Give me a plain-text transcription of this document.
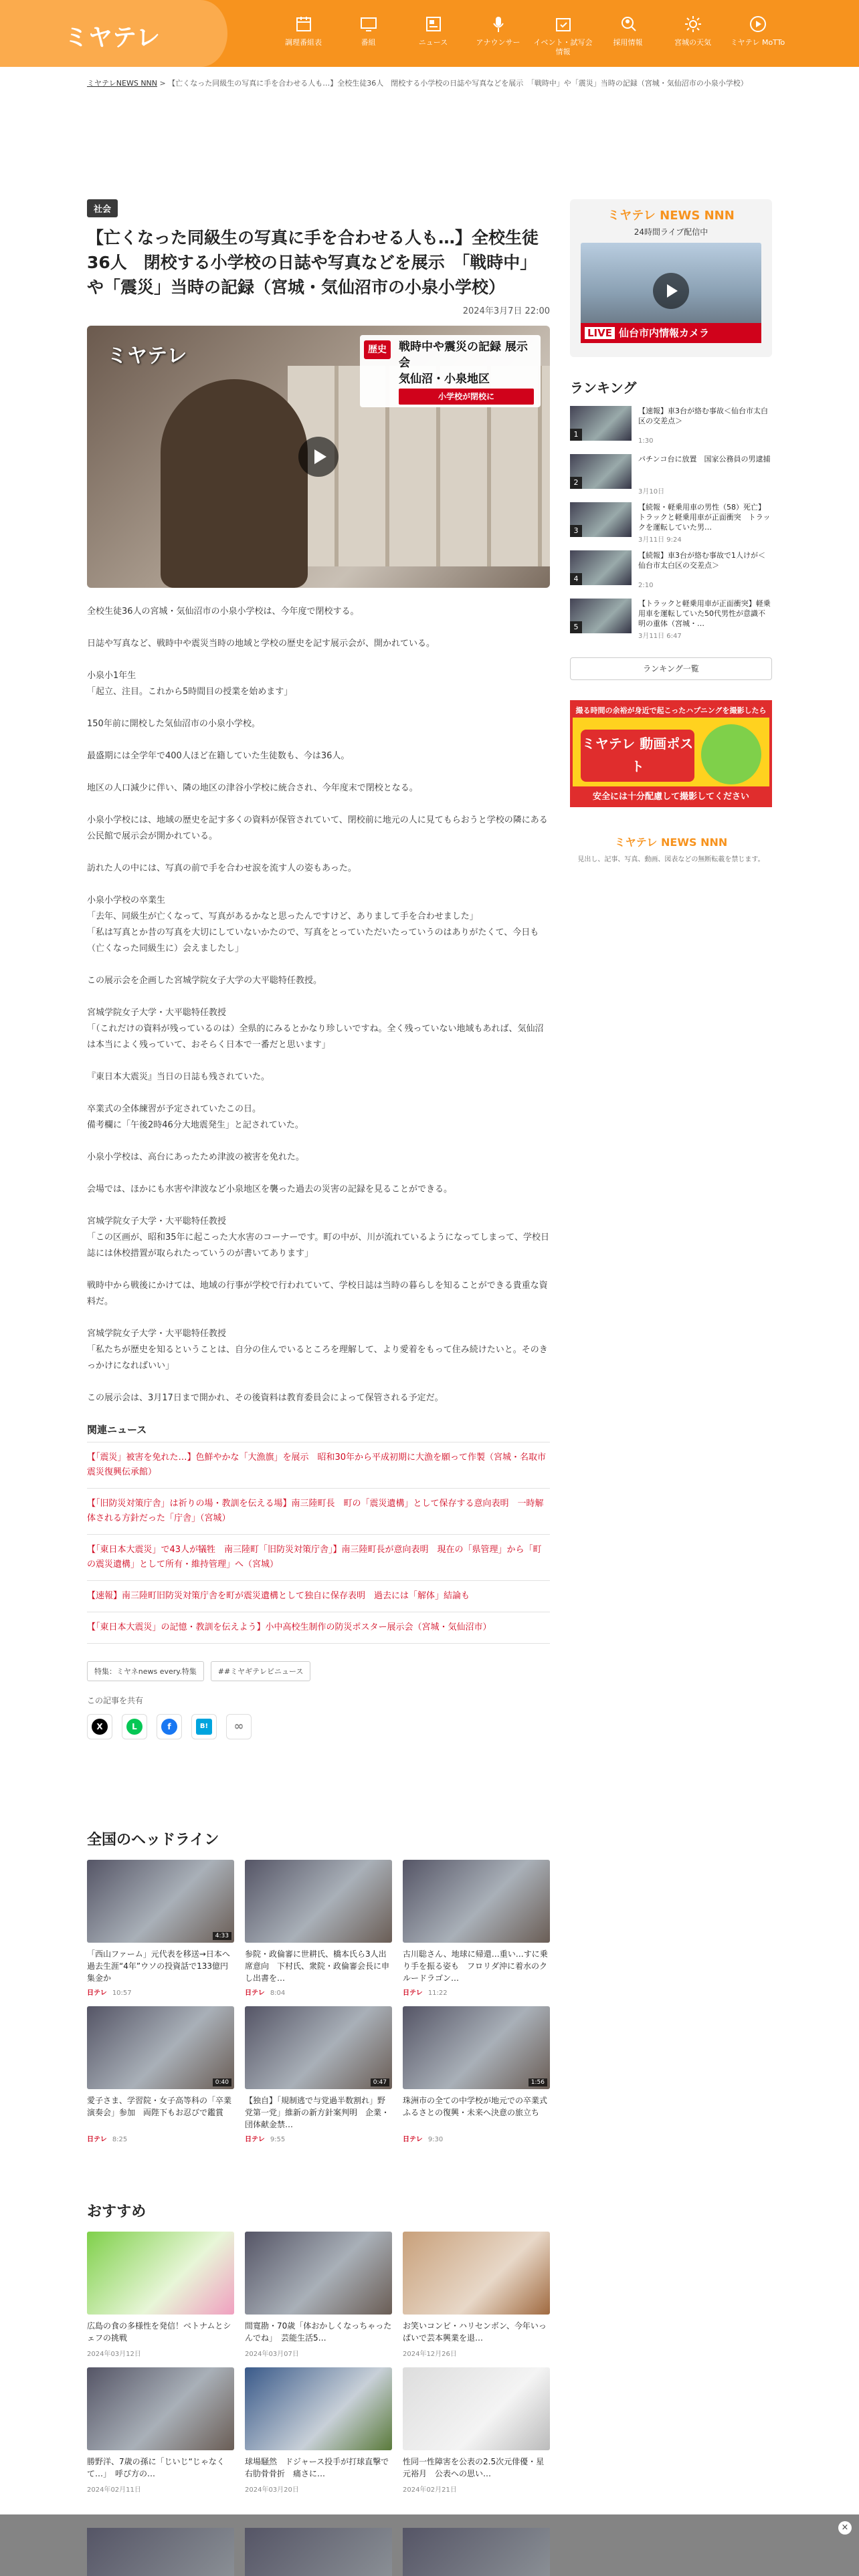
ミヤテレ	調理番組表	番組	ニュース	アナウンサー	イベント・試写会情報
採用情報	宮城の天気	ミヤテレ MoTTo
ミヤテレNEWS NNN > 【亡くなった同級生の写真に手を合わせる人も…】全校生徒36人　閉校する小学校の日誌や写真などを展示　「戦時中」や「震災」当時の記録（宮城・気仙沼市の小泉小学校）
社会
【亡くなった同級生の写真に手を合わせる人も…】全校生徒36人　閉校する小学校の日誌や写真などを展示　「戦時中」や「震災」当時の記録（宮城・気仙沼市の小泉小学校）
2024年3月7日 22:00
ミヤテレ	歴史	戦時中や震災の記録 展示会
気仙沼・小泉地区
小学校が閉校に

全校生徒36人の宮城・気仙沼市の小泉小学校は、今年度で閉校する。

日誌や写真など、戦時中や震災当時の地域と学校の歴史を記す展示会が、開かれている。

小泉小1年生
「起立、注目。これから5時間目の授業を始めます」

150年前に開校した気仙沼市の小泉小学校。

最盛期には全学年で400人ほど在籍していた生徒数も、今は36人。

地区の人口減少に伴い、隣の地区の津谷小学校に統合され、今年度末で閉校となる。

小泉小学校には、地域の歴史を記す多くの資料が保管されていて、閉校前に地元の人に見てもらおうと学校の隣にある公民館で展示会が開かれている。

訪れた人の中には、写真の前で手を合わせ涙を流す人の姿もあった。

小泉小学校の卒業生
「去年、同級生が亡くなって、写真があるかなと思ったんですけど、ありまして手を合わせました」
「私は写真とか昔の写真を大切にしていないかたので、写真をとっていただいたっていうのはありがたくて、今日も（亡くなった同級生に）会えましたし」

この展示会を企画した宮城学院女子大学の大平聡特任教授。

宮城学院女子大学・大平聡特任教授
「（これだけの資料が残っているのは）全県的にみるとかなり珍しいですね。全く残っていない地域もあれば、気仙沼は本当によく残っていて、おそらく日本で一番だと思います」

『東日本大震災』当日の日誌も残されていた。

卒業式の全体練習が予定されていたこの日。
備考欄に「午後2時46分大地震発生」と記されていた。

小泉小学校は、高台にあったため津波の被害を免れた。

会場では、ほかにも水害や津波など小泉地区を襲った過去の災害の記録を見ることができる。

宮城学院女子大学・大平聡特任教授
「この区画が、昭和35年に起こった大水害のコーナーです。町の中が、川が流れているようになってしまって、学校日誌には休校措置が取られたっていうのが書いてあります」

戦時中から戦後にかけては、地域の行事が学校で行われていて、学校日誌は当時の暮らしを知ることができる貴重な資料だ。

宮城学院女子大学・大平聡特任教授
「私たちが歴史を知るということは、自分の住んでいるところを理解して、より愛着をもって住み続けたいと。そのきっかけになればいい」

この展示会は、3月17日まで開かれ、その後資料は教育委員会によって保管される予定だ。

関連ニュース
【「震災」被害を免れた…】色鮮やかな「大漁旗」を展示　昭和30年から平成初期に大漁を願って作製（宮城・名取市震災復興伝承館）
【「旧防災対策庁舎」は祈りの場・教訓を伝える場】南三陸町長　町の「震災遺構」として保存する意向表明　一時解体される方針だった「庁舎」（宮城）
【「東日本大震災」で43人が犠牲　南三陸町「旧防災対策庁舎」】南三陸町長が意向表明　現在の「県管理」から「町の震災遺構」として所有・維持管理」へ（宮城）
【速報】南三陸町旧防災対策庁舎を町が震災遺構として独自に保存表明　過去には「解体」結論も
【「東日本大震災」の記憶・教訓を伝えよう】小中高校生制作の防災ポスター展示会（宮城・気仙沼市）
特集：ミヤネnews every.特集	##ミヤギテレビニュース
この記事を共有
X	L	f	B!	∞
ミヤテレ NEWS NNN
24時間ライブ配信中
LIVE 仙台市内情報カメラ
ランキング
1
【速報】車3台が絡む事故＜仙台市太白区の交差点＞
1:30
2
パチンコ台に放置　国家公務員の男逮捕
3月10日
3
【続報・軽乗用車の男性（58）死亡】トラックと軽乗用車が正面衝突　トラックを運転していた男…
3月11日 9:24
4
【続報】車3台が絡む事故で1人けが＜仙台市太白区の交差点＞
2:10
5
【トラックと軽乗用車が正面衝突】軽乗用車を運転していた50代男性が意識不明の重体（宮城・…
3月11日 6:47
ランキング一覧
撮る時間の余裕が身近で起こったハプニングを撮影したら
ミヤテレ 動画ポスト
安全には十分配慮して撮影してください
ミヤテレ NEWS NNN
見出し、記事、写真、動画、図表などの無断転載を禁じます。
全国のヘッドライン
4:33
「西山ファーム」元代表を移送→日本へ　過去生涯“4年”ウソの投資話で133億円集金か
日テレ 10:57
参院・政倫審に世耕氏、橋本氏ら3人出席意向　下村氏、衆院・政倫審会長に申し出書を…
日テレ 8:04
古川聡さん、地球に帰還…重い…すに乗り手を振る姿も　フロリダ沖に着水のクルードラゴン…
日テレ 11:22
0:40
愛子さま、学習院・女子高等科の「卒業演奏会」参加　両陛下もお忍びで鑑賞
日テレ 8:25
0:47
【独自】「規制逃で与党過半数割れ」野党第一党」維新の新方針案判明　企業・団体献金禁…
日テレ 9:55
1:56
珠洲市の全ての中学校が地元での卒業式　ふるさとの復興・未来へ決意の旅立ち
日テレ 9:30
おすすめ
広島の食の多様性を発信！ベトナムとシェフの挑戦
2024年03月12日
間寛勘・70歳「体おかしくなっちゃったんでね」　芸能生活5…
2024年03月07日
お笑いコンビ・ハリセンボン、今年いっぱいで芸本興業を退…
2024年12月26日
勝野洋、7歳の孫に「じいじ“じゃなくて…」　呼び方の…
2024年02月11日
球場騒然　ドジャース投手が打球直撃で右肋骨骨折　痛さに…
2024年03月20日
性同一性障害を公表の2.5次元俳優・星元裕月　公表への思い…
2024年02月21日
×
